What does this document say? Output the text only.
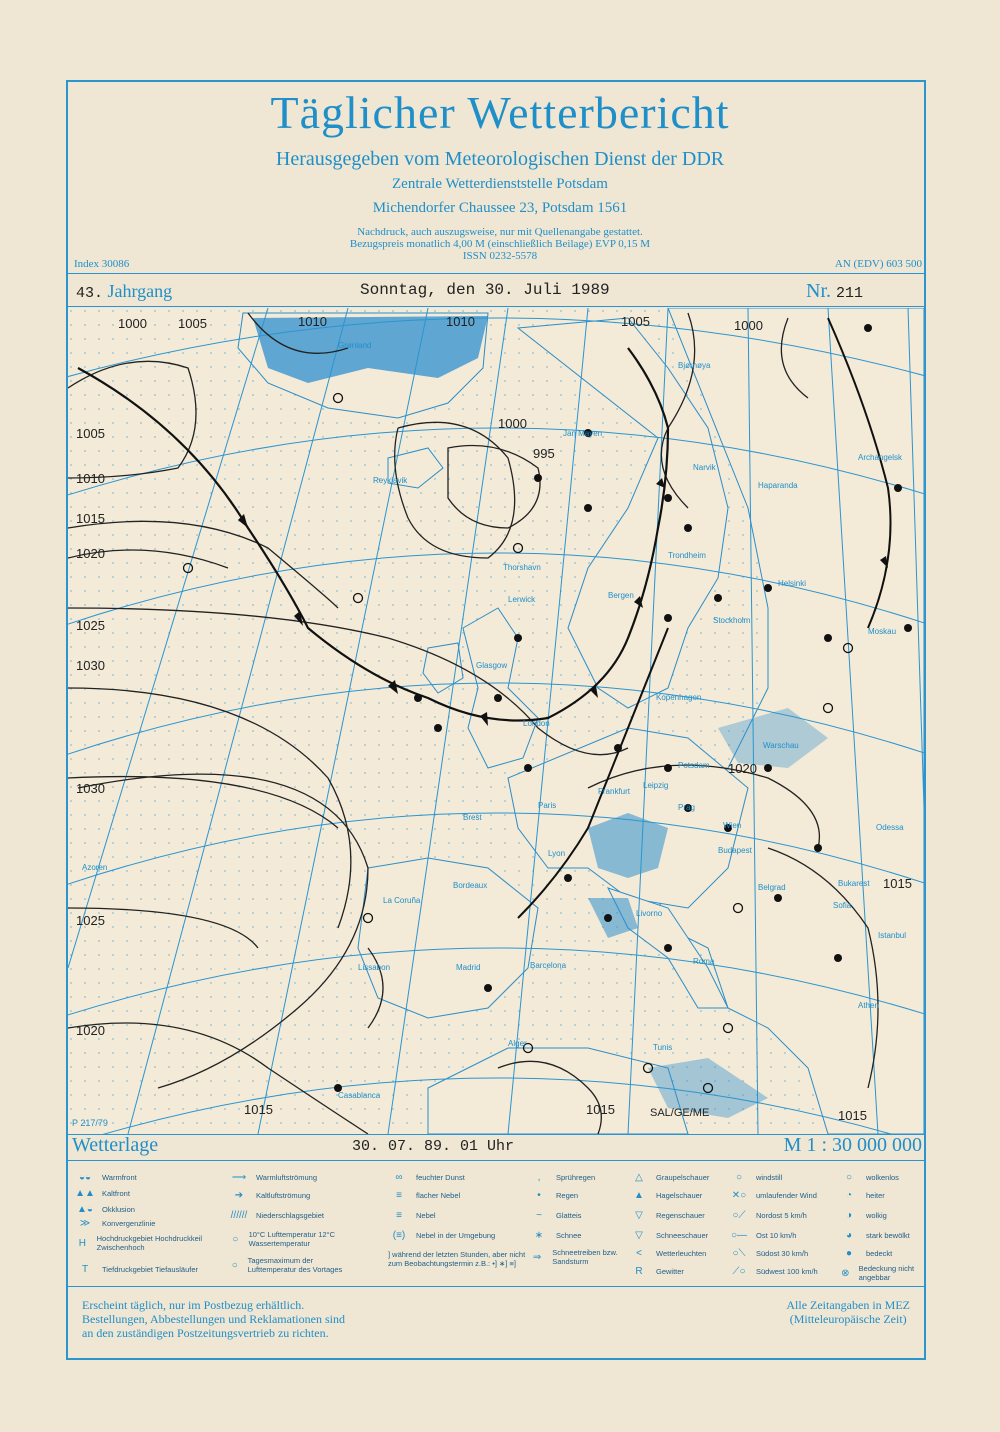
Täglicher Wetterbericht
Herausgegeben vom Meteorologischen Dienst der DDR
Zentrale Wetterdienststelle Potsdam
Michendorfer Chaussee 23, Potsdam 1561
Nachdruck, auch auszugsweise, nur mit Quellenangabe gestattet.
Bezugspreis monatlich 4,00 M (einschließlich Beilage) EVP 0,15 M
ISSN 0232-5578
Index 30086	AN (EDV) 603 500
43. Jahrgang	Sonntag, den 30. Juli 1989	Nr. 211
1000 1005	1010	1010	1005	1000
1005
1010
1015
1020
1025
1030
1030
1025
1020
995
1000
1020
1015
1015
1015
1015
Grønland
Bjørnøya
Jan Mayen
Narvik
Reykjavik
Thorshavn
Lerwick	Bergen
Trondheim
Haparanda
Archangelsk
Helsinki
Stockholm
Moskau
Glasgow
Kopenhagen
London
Warschau
Potsdam
Leipzig
Prag
Paris
Frankfurt
Brest
Wien
Budapest
Odessa
Lyon
Bordeaux
La Coruña
Livorno
Belgrad	Bukarest
Sofia
Istanbul
Madrid	Barcelona	Roma
Lissabon
Tunis
Alger
Athen
Casablanca
Azoren
P 217/79
SAL/GE/ME
Wetterlage	30. 07. 89. 01 Uhr	M 1 : 30 000 000
◒◒	Warmfront
▲▲ Kaltfront
▲◒	Okklusion
≫	Konvergenzlinie
H	Hochdruckgebiet Hochdruckkeil Zwischenhoch
T	Tiefdruckgebiet Tiefausläufer
⟶	Warmluftströmung
➔	Kaltluftströmung
//////	Niederschlagsgebiet
○	10°C Lufttemperatur 12°C Wassertemperatur
○	Tagesmaximum der Lufttemperatur des Vortages
∞	feuchter Dunst
≡	flacher Nebel
≡	Nebel
(≡)	Nebel in der Umgebung
] während der letzten Stunden, aber nicht zum Beobachtungstermin z.B.: •] ∗] ≡]
,	Sprühregen
•	Regen
~	Glatteis
∗	Schnee
⇒	Schneetreiben bzw. Sandsturm
△	Graupelschauer
▲	Hagelschauer
▽	Regenschauer
▽	Schneeschauer
<	Wetterleuchten
R	Gewitter
○	windstill
✕○	umlaufender Wind
○⟋	Nordost 5 km/h
○—	Ost 10 km/h
○⟍	Südost 30 km/h
⟋○	Südwest 100 km/h
○	wolkenlos
◔	heiter
◑	wolkig
◕	stark bewölkt
●	bedeckt
⊗	Bedeckung nicht angebbar
Erscheint täglich, nur im Postbezug erhältlich.
Bestellungen, Abbestellungen und Reklamationen sind
an den zuständigen Postzeitungsvertrieb zu richten.
Alle Zeitangaben in MEZ
(Mitteleuropäische Zeit)
